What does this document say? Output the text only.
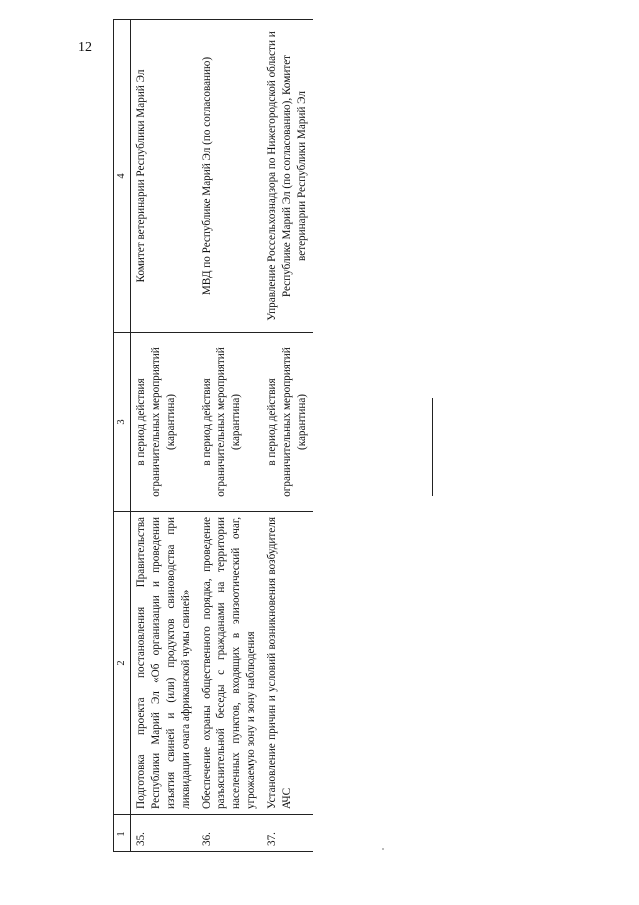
12
1	2	3	4
35.	Подготовка проекта постановления Правительства Республики Марий Эл «Об организации и проведении изъятия свиней и (или) продуктов свиноводства при ликвидации очага африканской чумы свиней»	в период действия ограничительных мероприятий (карантина)	Комитет ветеринарии Республики Марий Эл
36.	Обеспечение охраны общественного порядка, проведение разъяснительной беседы с гражданами на территории населенных пунктов, входящих в эпизоотический очаг, угрожаемую зону и зону наблюдения	в период действия ограничительных мероприятий (карантина)	МВД по Республике Марий Эл (по согласованию)
37.	Установление причин и условий возникновения возбудителя АЧС	в период действия ограничительных мероприятий (карантина)	Управление Россельхознадзора по Нижегородской области и Республике Марий Эл (по согласованию), Комитет ветеринарии Республики Марий Эл
